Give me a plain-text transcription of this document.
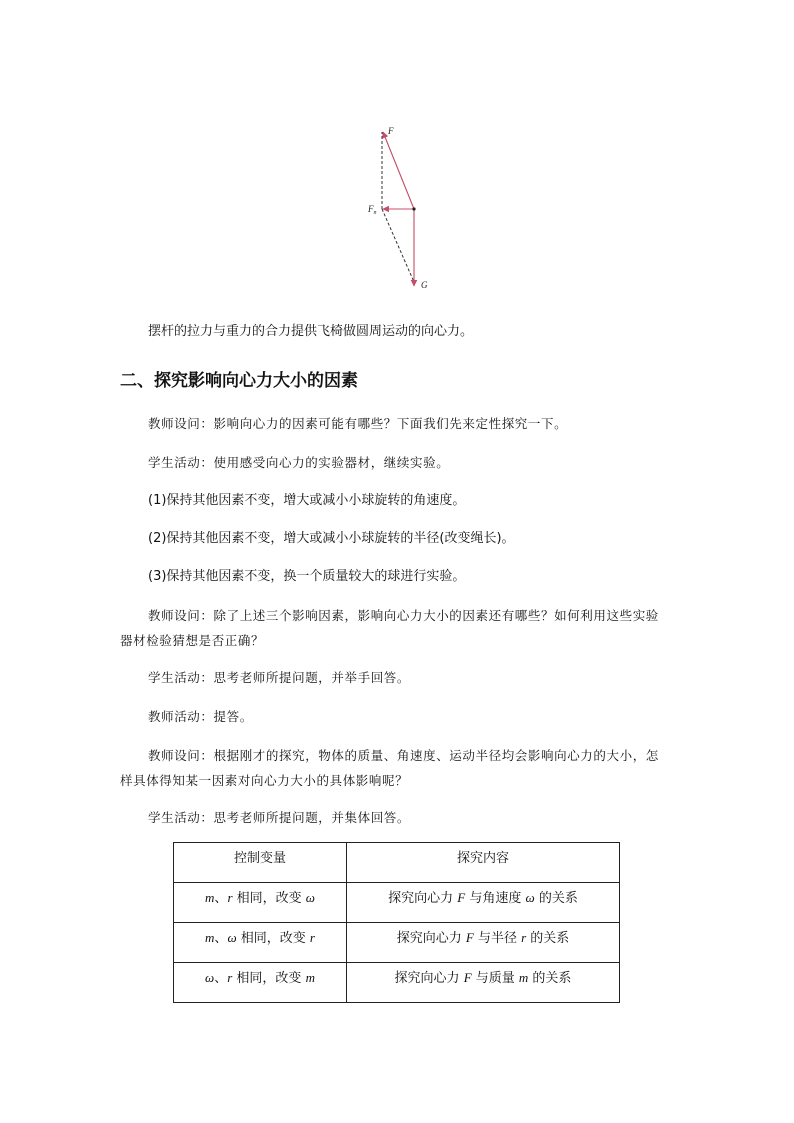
F
$F_n$
G

摆杆的拉力与重力的合力提供飞椅做圆周运动的向心力。

二、探究影响向心力大小的因素

教师设问：影响向心力的因素可能有哪些？下面我们先来定性探究一下。

学生活动：使用感受向心力的实验器材，继续实验。

(1)保持其他因素不变，增大或减小小球旋转的角速度。

(2)保持其他因素不变，增大或减小小球旋转的半径(改变绳长)。

(3)保持其他因素不变，换一个质量较大的球进行实验。

教师设问：除了上述三个影响因素，影响向心力大小的因素还有哪些？如何利用这些实验器材检验猜想是否正确？

学生活动：思考老师所提问题，并举手回答。

教师活动：提答。

教师设问：根据刚才的探究，物体的质量、角速度、运动半径均会影响向心力的大小，怎样具体得知某一因素对向心力大小的具体影响呢？

学生活动：思考老师所提问题，并集体回答。

控制变量	探究内容
m、r 相同，改变 ω	探究向心力 F 与角速度 ω 的关系
m、ω 相同，改变 r	探究向心力 F 与半径 r 的关系
ω、r 相同，改变 m	探究向心力 F 与质量 m 的关系
